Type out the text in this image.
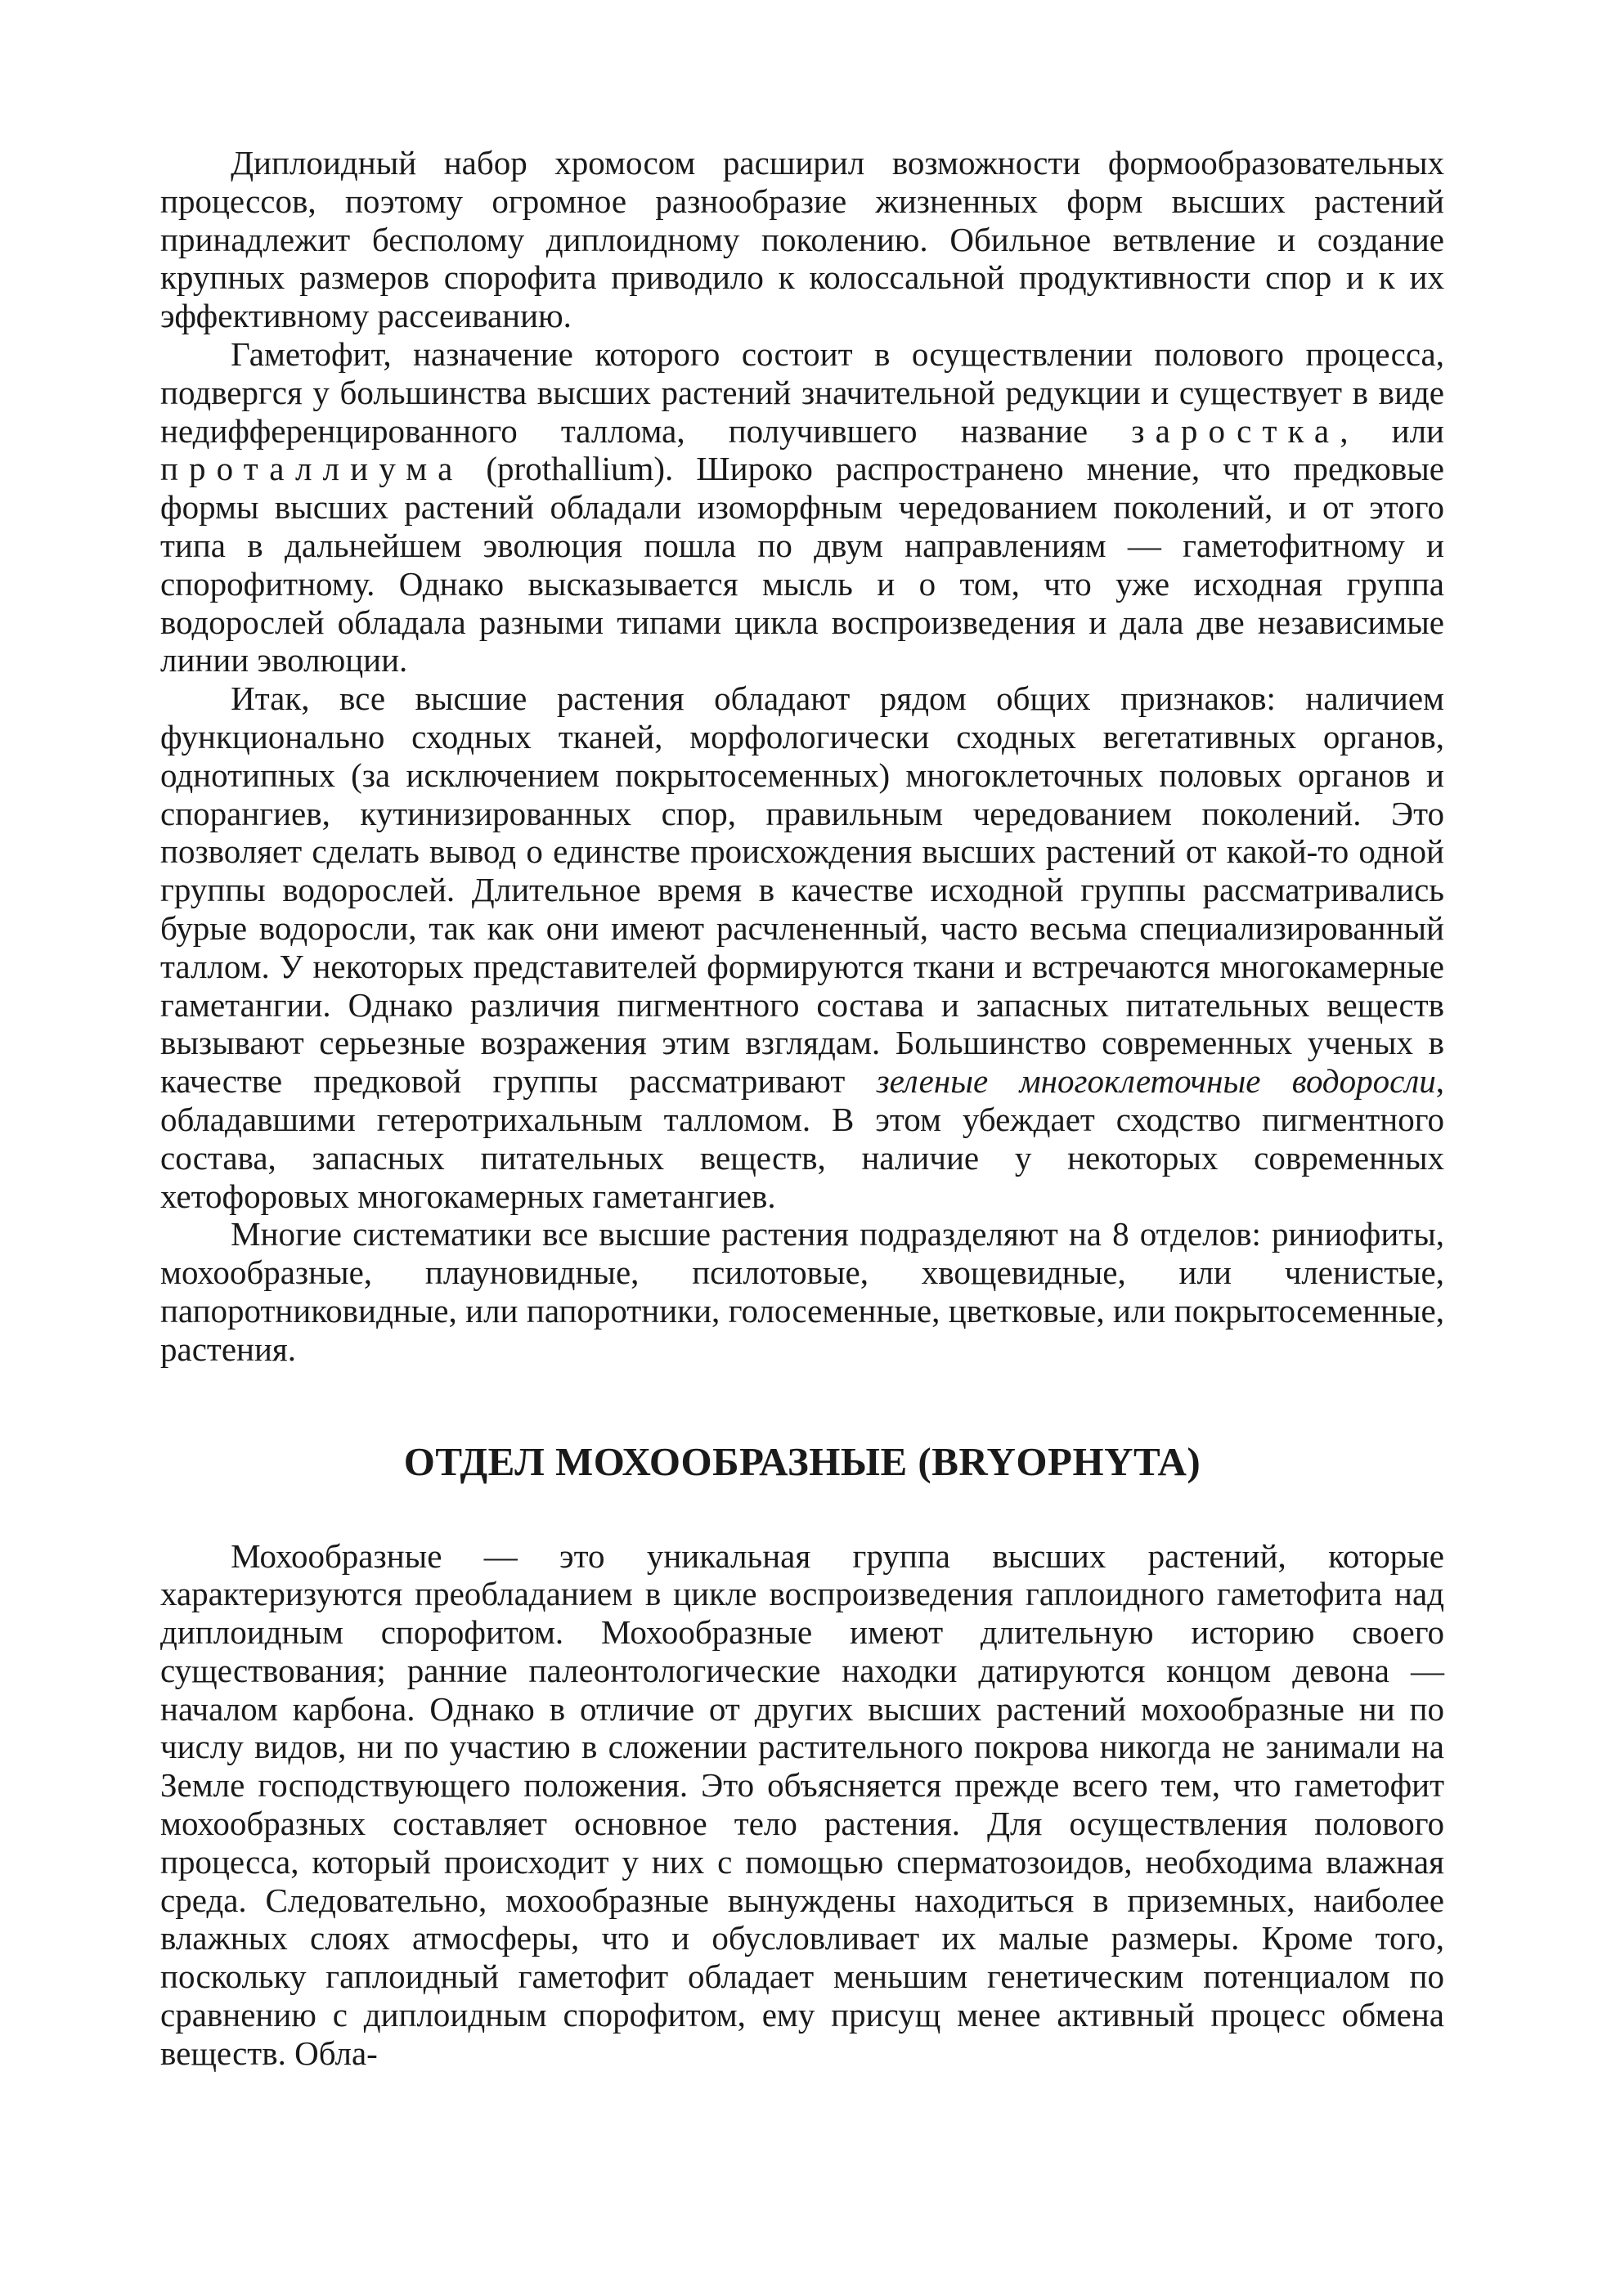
Диплоидный набор хромосом расширил возможности формообразовательных процессов, поэтому огромное разнообразие жизненных форм высших растений принадлежит бесполому диплоидному поколению. Обильное ветвление и создание крупных размеров спорофита приводило к колоссальной продуктивности спор и к их эффективному рассеиванию.

Гаметофит, назначение которого состоит в осуществлении полового процесса, подвергся у большинства высших растений значительной редукции и существует в виде недифференцированного таллома, получившего название заростка, или проталлиума (prothallium). Широко распространено мнение, что предковые формы высших растений обладали изоморфным чередованием поколений, и от этого типа в дальнейшем эволюция пошла по двум направлениям — гаметофитному и спорофитному. Однако высказывается мысль и о том, что уже исходная группа водорослей обладала разными типами цикла воспроизведения и дала две независимые линии эволюции.

Итак, все высшие растения обладают рядом общих признаков: наличием функционально сходных тканей, морфологически сходных вегетативных органов, однотипных (за исключением покрытосеменных) многоклеточных половых органов и спорангиев, кутинизированных спор, правильным чередованием поколений. Это позволяет сделать вывод о единстве происхождения высших растений от какой-то одной группы водорослей. Длительное время в качестве исходной группы рассматривались бурые водоросли, так как они имеют расчлененный, часто весьма специализированный таллом. У некоторых представителей формируются ткани и встречаются многокамерные гаметангии. Однако различия пигментного состава и запасных питательных веществ вызывают серьезные возражения этим взглядам. Большинство современных ученых в качестве предковой группы рассматривают зеленые многоклеточные водоросли, обладавшими гетеротрихальным талломом. В этом убеждает сходство пигментного состава, запасных питательных веществ, наличие у некоторых современных хетофоровых многокамерных гаметангиев.

Многие систематики все высшие растения подразделяют на 8 отделов: риниофиты, мохообразные, плауновидные, псилотовые, хвощевидные, или членистые, папоротниковидные, или папоротники, голосеменные, цветковые, или покрытосеменные, растения.

ОТДЕЛ МОХООБРАЗНЫЕ (BRYOPHYTA)

Мохообразные — это уникальная группа высших растений, которые характеризуются преобладанием в цикле воспроизведения гаплоидного гаметофита над диплоидным спорофитом. Мохообразные имеют длительную историю своего существования; ранние палеонтологические находки датируются концом девона — началом карбона. Однако в отличие от других высших растений мохообразные ни по числу видов, ни по участию в сложении растительного покрова никогда не занимали на Земле господствующего положения. Это объясняется прежде всего тем, что гаметофит мохообразных составляет основное тело растения. Для осуществления полового процесса, который происходит у них с помощью сперматозоидов, необходима влажная среда. Следовательно, мохообразные вынуждены находиться в приземных, наиболее влажных слоях атмосферы, что и обусловливает их малые размеры. Кроме того, поскольку гаплоидный гаметофит обладает меньшим генетическим потенциалом по сравнению с диплоидным спорофитом, ему присущ менее активный процесс обмена веществ. Обла-
